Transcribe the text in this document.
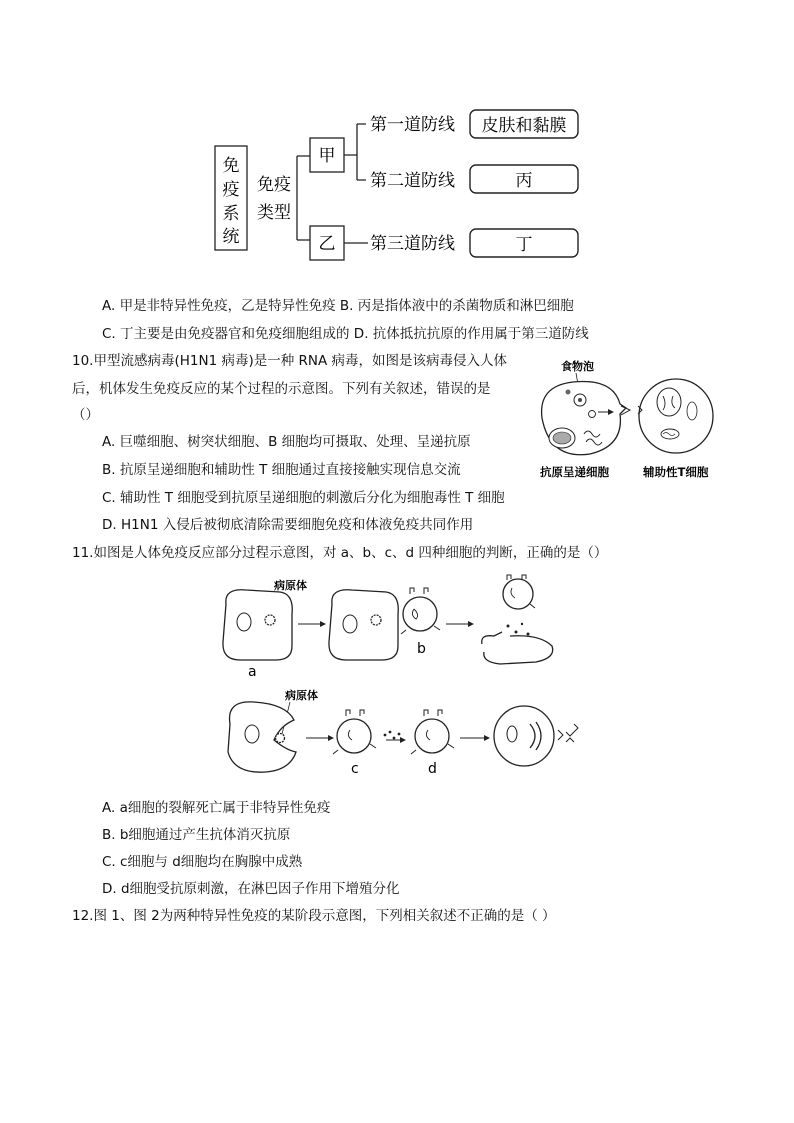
免
疫
系
统
免疫
类型
甲
乙
第一道防线
第二道防线
第三道防线
皮肤和黏膜
丙
丁
A. 甲是非特异性免疫，乙是特异性免疫 B. 丙是指体液中的杀菌物质和淋巴细胞
C. 丁主要是由免疫器官和免疫细胞组成的 D. 抗体抵抗抗原的作用属于第三道防线
10.甲型流感病毒(H1N1 病毒)是一种 RNA 病毒，如图是该病毒侵入人体
后，机体发生免疫反应的某个过程的示意图。下列有关叙述，错误的是
（）
A. 巨噬细胞、树突状细胞、B 细胞均可摄取、处理、呈递抗原
B. 抗原呈递细胞和辅助性 T 细胞通过直接接触实现信息交流
C. 辅助性 T 细胞受到抗原呈递细胞的刺激后分化为细胞毒性 T 细胞
D. H1N1 入侵后被彻底清除需要细胞免疫和体液免疫共同作用
食物泡
抗原呈递细胞	辅助性T细胞
11.如图是人体免疫反应部分过程示意图，对 a、b、c、d 四种细胞的判断，正确的是（）
病原体
a
b
病原体
c	d
A. a细胞的裂解死亡属于非特异性免疫
B. b细胞通过产生抗体消灭抗原
C. c细胞与 d细胞均在胸腺中成熟
D. d细胞受抗原刺激，在淋巴因子作用下增殖分化
12.图 1、图 2为两种特异性免疫的某阶段示意图，下列相关叙述不正确的是（ ）
